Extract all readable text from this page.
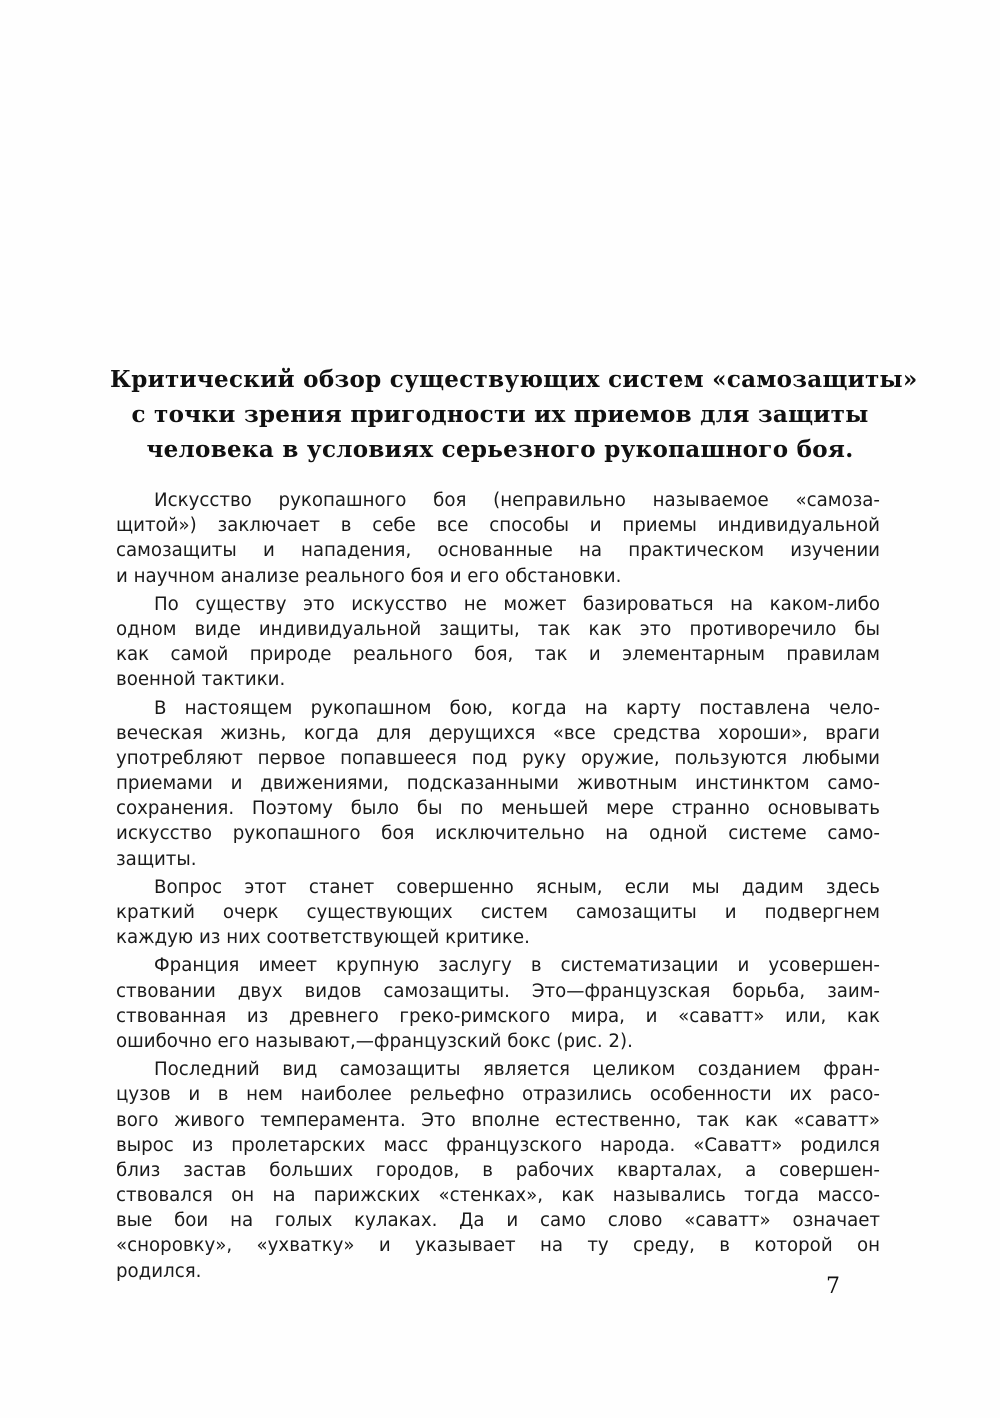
Критический обзор существующих систем «самозащиты»
с точки зрения пригодности их приемов для защиты
человека в условиях серьезного рукопашного боя.
Искусство рукопашного боя (неправильно называемое «самоза-
щитой») заключает в себе все способы и приемы индивидуальной
самозащиты и нападения, основанные на практическом изучении
и научном анализе реального боя и его обстановки.
По существу это искусство не может базироваться на каком-либо
одном виде индивидуальной защиты, так как это противоречило бы
как самой природе реального боя, так и элементарным правилам
военной тактики.
В настоящем рукопашном бою, когда на карту поставлена чело-
веческая жизнь, когда для дерущихся «все средства хороши», враги
употребляют первое попавшееся под руку оружие, пользуются любыми
приемами и движениями, подсказанными животным инстинктом само-
сохранения. Поэтому было бы по меньшей мере странно основывать
искусство рукопашного боя исключительно на одной системе само-
защиты.
Вопрос этот станет совершенно ясным, если мы дадим здесь
краткий очерк существующих систем самозащиты и подвергнем
каждую из них соответствующей критике.
Франция имеет крупную заслугу в систематизации и усовершен-
ствовании двух видов самозащиты. Это—французская борьба, заим-
ствованная из древнего греко-римского мира, и «саватт» или, как
ошибочно его называют,—французский бокс (рис. 2).
Последний вид самозащиты является целиком созданием фран-
цузов и в нем наиболее рельефно отразились особенности их расо-
вого живого темперамента. Это вполне естественно, так как «саватт»
вырос из пролетарских масс французского народа. «Саватт» родился
близ застав больших городов, в рабочих кварталах, а совершен-
ствовался он на парижских «стенках», как назывались тогда массо-
вые бои на голых кулаках. Да и само слово «саватт» означает
«сноровку», «ухватку» и указывает на ту среду, в которой он
родился.
7
